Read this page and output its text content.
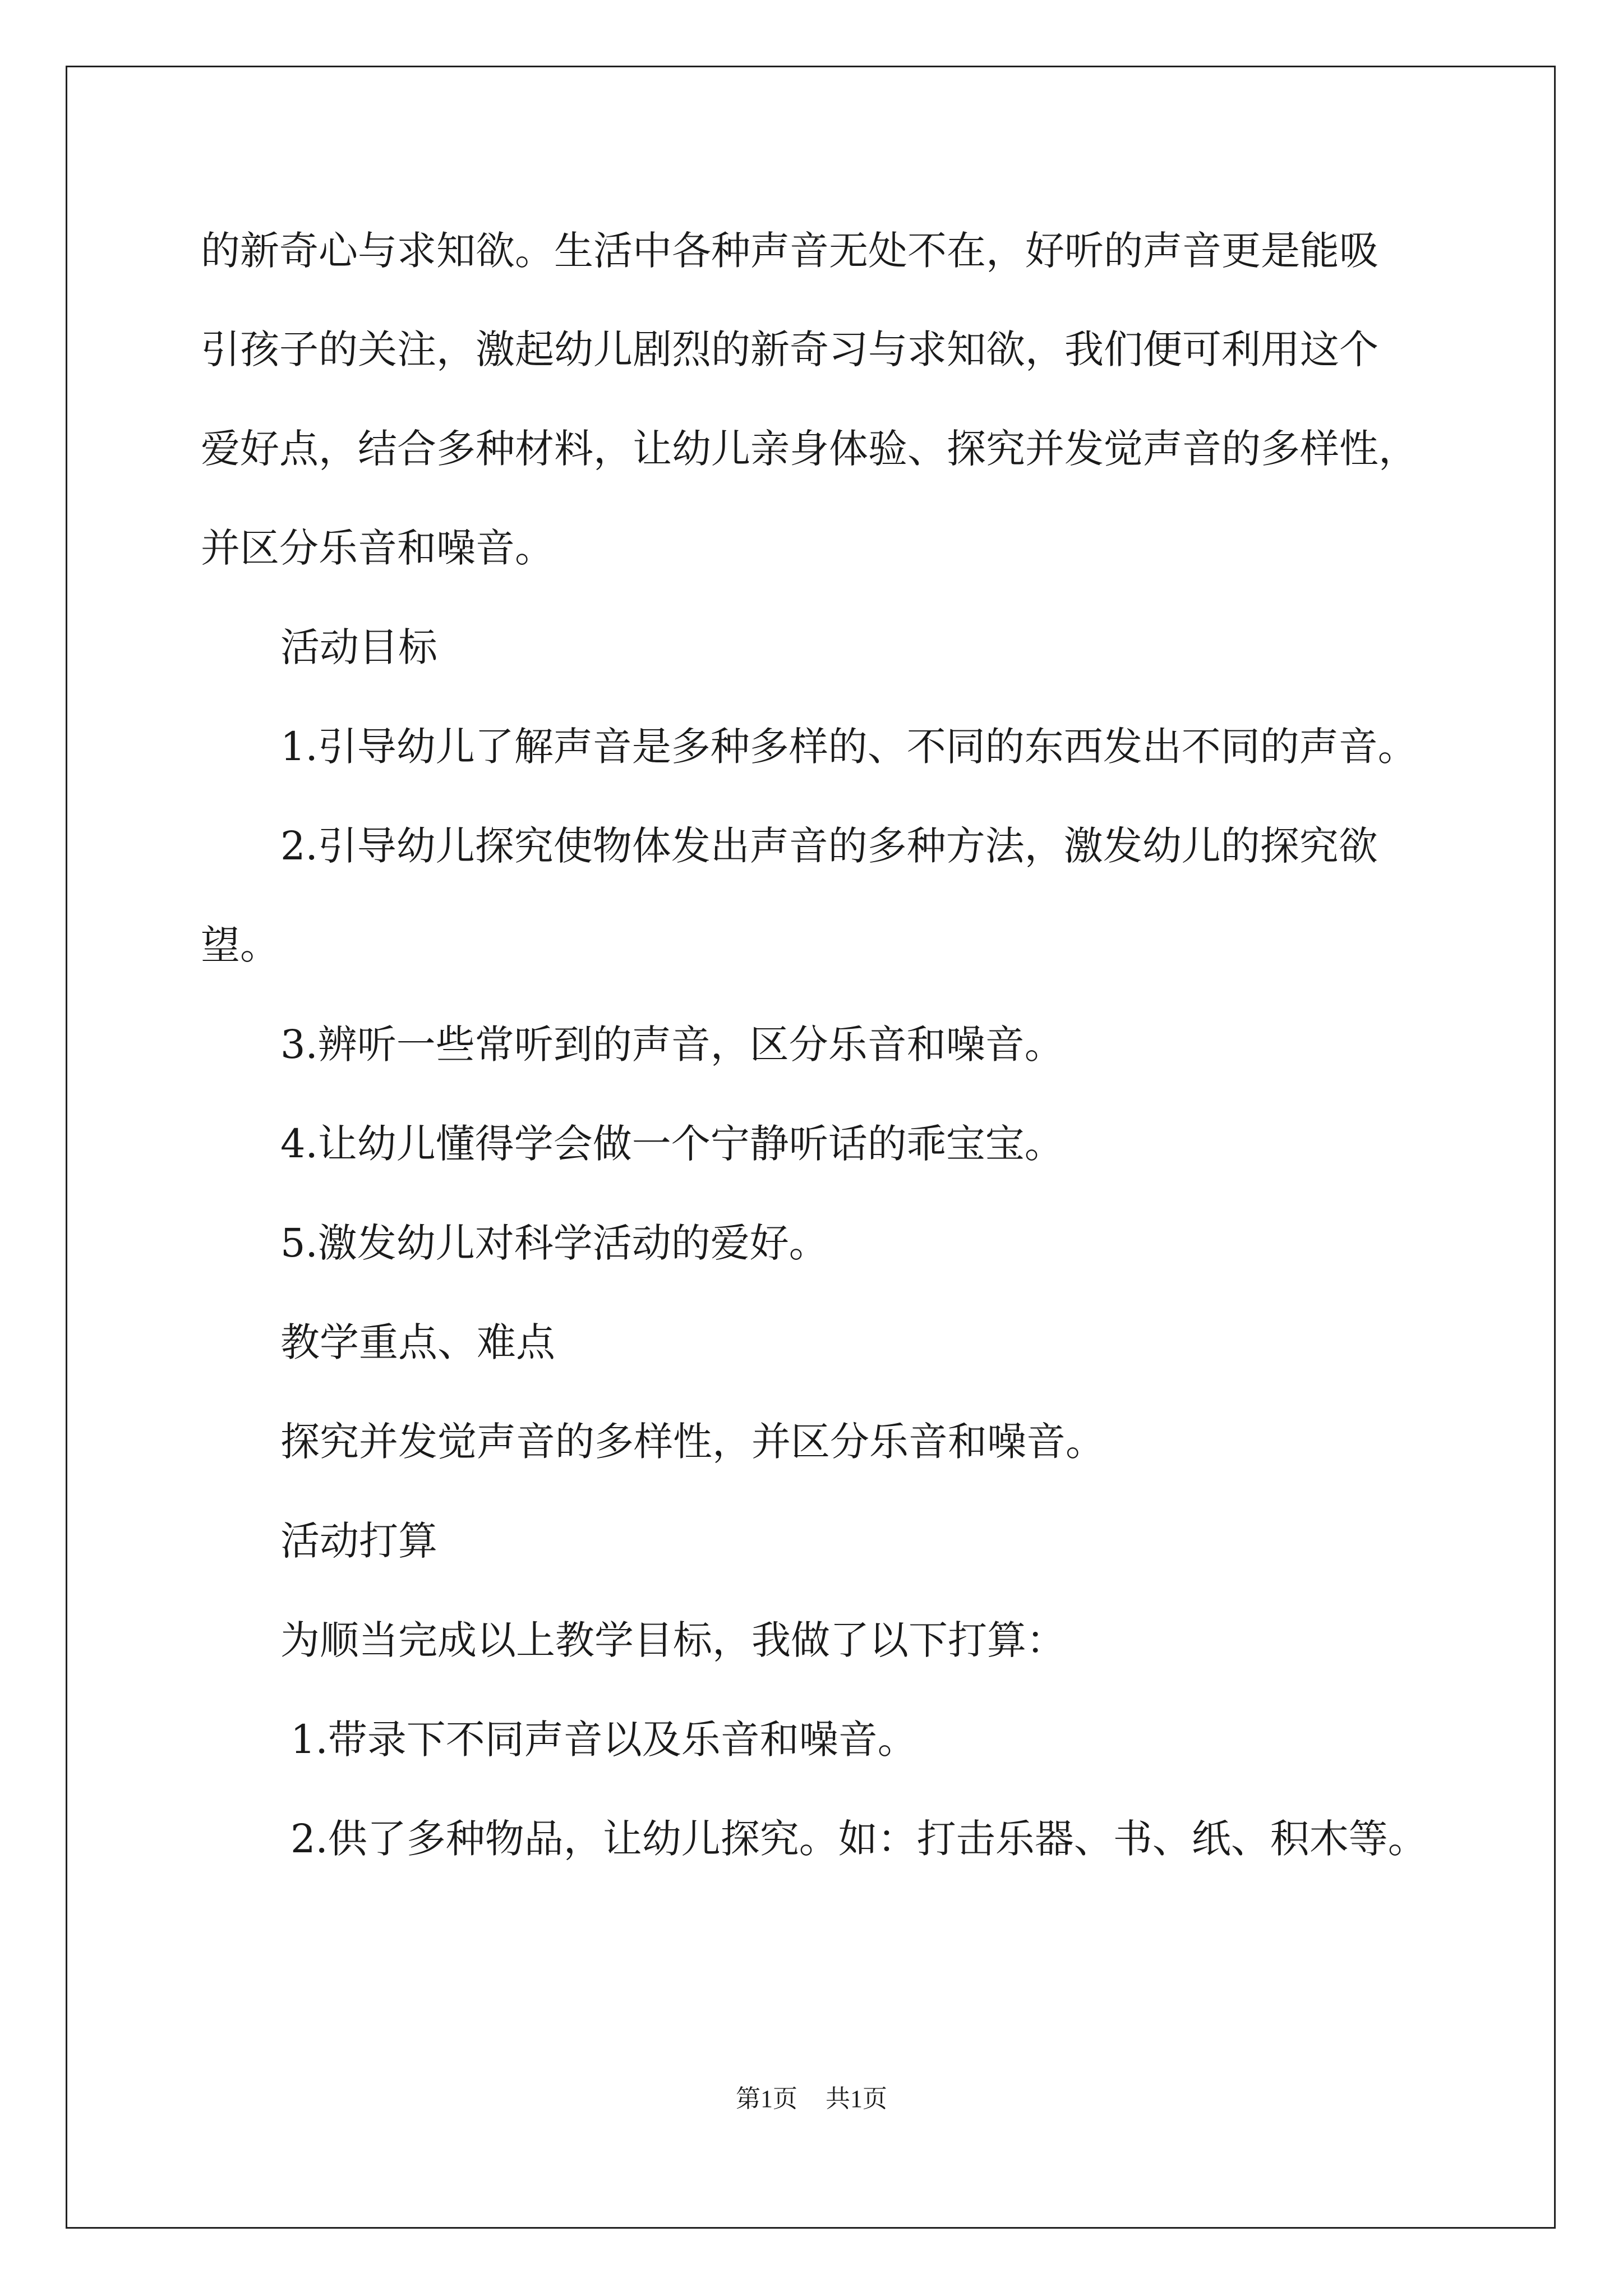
的新奇心与求知欲。生活中各种声音无处不在，好听的声音更是能吸

引孩子的关注，激起幼儿剧烈的新奇习与求知欲，我们便可利用这个

爱好点，结合多种材料，让幼儿亲身体验、探究并发觉声音的多样性，

并区分乐音和噪音。

活动目标

1.引导幼儿了解声音是多种多样的、不同的东西发出不同的声音。

2.引导幼儿探究使物体发出声音的多种方法，激发幼儿的探究欲

望。

3.辨听一些常听到的声音，区分乐音和噪音。

4.让幼儿懂得学会做一个宁静听话的乖宝宝。

5.激发幼儿对科学活动的爱好。

教学重点、难点

探究并发觉声音的多样性，并区分乐音和噪音。

活动打算

为顺当完成以上教学目标，我做了以下打算：

1.带录下不同声音以及乐音和噪音。

2.供了多种物品，让幼儿探究。如：打击乐器、书、纸、积木等。

第1页 共1页
